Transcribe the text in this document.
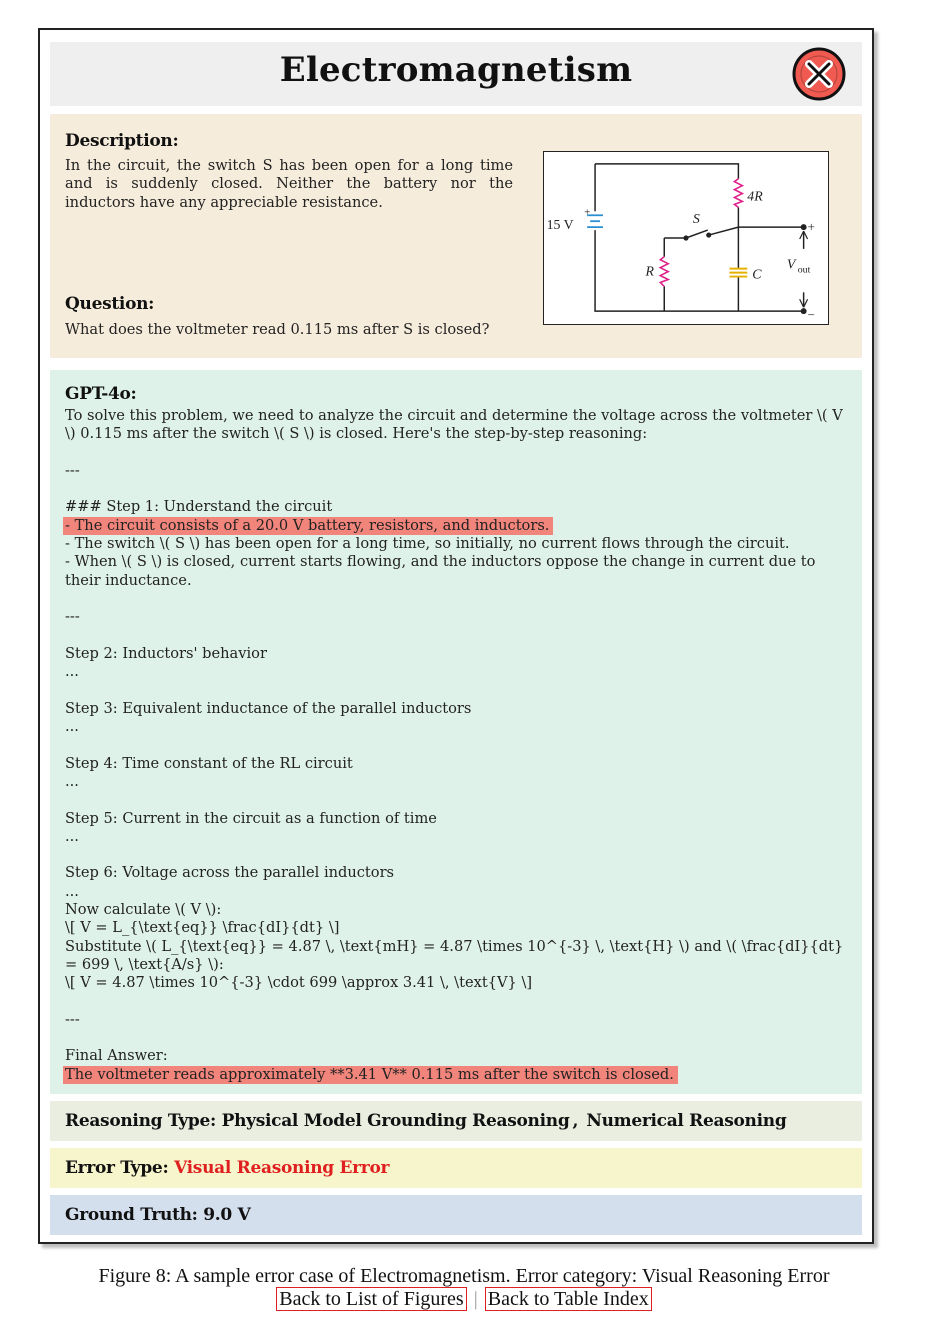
Electromagnetism
Description:
In the circuit, the switch S has been open for a long time and is suddenly closed. Neither the battery nor the inductors have any appreciable resistance.
Question:
What does the voltmeter read 0.115 ms after S is closed?
15 V
+
4R
S
R	C
V out
+
−
GPT-4o:
To solve this problem, we need to analyze the circuit and determine the voltage across the voltmeter \( V \) 0.115 ms after the switch \( S \) is closed. Here's the step-by-step reasoning:
---
### Step 1: Understand the circuit
- The circuit consists of a 20.0 V battery, resistors, and inductors.
- The switch \( S \) has been open for a long time, so initially, no current flows through the circuit.
- When \( S \) is closed, current starts flowing, and the inductors oppose the change in current due to their inductance.
---
Step 2: Inductors' behavior
...
Step 3: Equivalent inductance of the parallel inductors
...
Step 4: Time constant of the RL circuit
...
Step 5: Current in the circuit as a function of time
...
Step 6: Voltage across the parallel inductors
...
Now calculate \( V \):
\[ V = L_{\text{eq}} \frac{dI}{dt} \]
Substitute \( L_{\text{eq}} = 4.87 \, \text{mH} = 4.87 \times 10^{-3} \, \text{H} \) and \( \frac{dI}{dt} = 699 \, \text{A/s} \):
\[ V = 4.87 \times 10^{-3} \cdot 699 \approx 3.41 \, \text{V} \]
---
Final Answer:
The voltmeter reads approximately **3.41 V** 0.115 ms after the switch is closed.
Reasoning Type: Physical Model Grounding Reasoning , Numerical Reasoning
Error Type: Visual Reasoning Error
Ground Truth: 9.0 V
Figure 8: A sample error case of Electromagnetism. Error category: Visual Reasoning Error
Back to List of Figures | Back to Table Index
